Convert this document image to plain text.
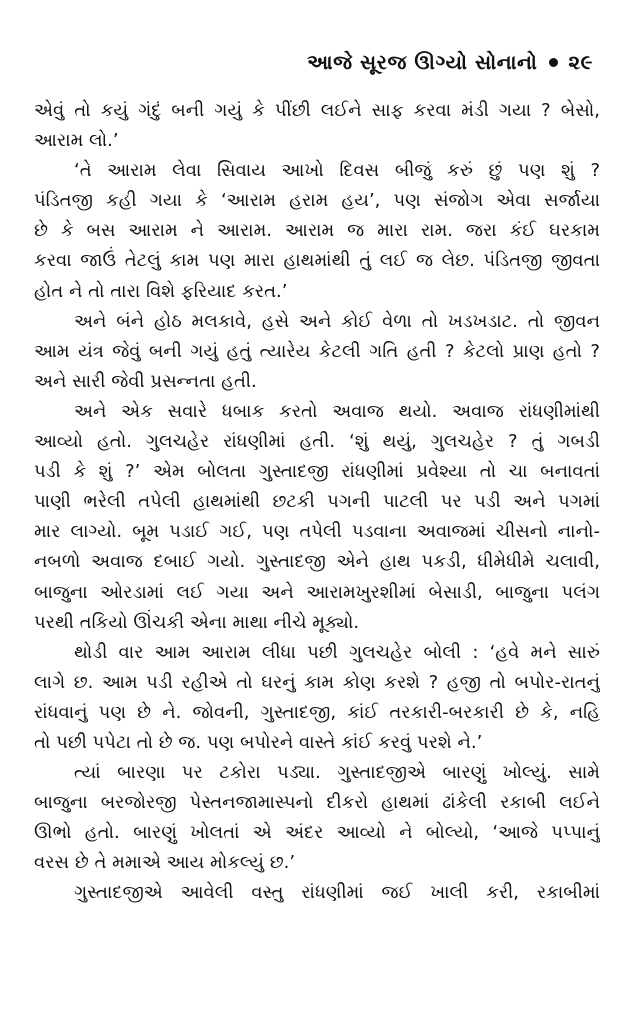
આજે સૂરજ ઊગ્યો સોનાનો ૨૯
એવું તો કયું ગંદું બની ગયું કે પીંછી લઈને સાફ કરવા મંડી ગયા ? બેસો,
આરામ લો.’
‘તે આરામ લેવા સિવાય આખો દિવસ બીજું કરું છું પણ શું ?
પંડિતજી કહી ગયા કે ‘આરામ હરામ હય’, પણ સંજોગ એવા સર્જાયા
છે કે બસ આરામ ને આરામ. આરામ જ મારા રામ. જરા કંઈ ઘરકામ
કરવા જાઉં તેટલું કામ પણ મારા હાથમાંથી તું લઈ જ લેછ. પંડિતજી જીવતા
હોત ને તો તારા વિશે ફરિયાદ કરત.’
અને બંને હોઠ મલકાવે, હસે અને કોઈ વેળા તો ખડખડાટ. તો જીવન
આમ યંત્ર જેવું બની ગયું હતું ત્યારેય કેટલી ગતિ હતી ? કેટલો પ્રાણ હતો ?
અને સારી જેવી પ્રસન્નતા હતી.
અને એક સવારે ધબાક કરતો અવાજ થયો. અવાજ રાંધણીમાંથી
આવ્યો હતો. ગુલચહેર રાંધણીમાં હતી. ‘શું થયું, ગુલચહેર ? તું ગબડી
પડી કે શું ?’ એમ બોલતા ગુસ્તાદજી રાંધણીમાં પ્રવેશ્યા તો ચા બનાવતાં
પાણી ભરેલી તપેલી હાથમાંથી છટકી પગની પાટલી પર પડી અને પગમાં
માર લાગ્યો. બૂમ પડાઈ ગઈ, પણ તપેલી પડવાના અવાજમાં ચીસનો નાનો-
નબળો અવાજ દબાઈ ગયો. ગુસ્તાદજી એને હાથ પકડી, ધીમેધીમે ચલાવી,
બાજુના ઓરડામાં લઈ ગયા અને આરામખુરશીમાં બેસાડી, બાજુના પલંગ
પરથી તકિયો ઊંચકી એના માથા નીચે મૂક્યો.
થોડી વાર આમ આરામ લીધા પછી ગુલચહેર બોલી : ‘હવે મને સારું
લાગે છ. આમ પડી રહીએ તો ઘરનું કામ કોણ કરશે ? હજી તો બપોર-રાતનું
રાંધવાનું પણ છે ને. જોવની, ગુસ્તાદજી, કાંઈ તરકારી-બરકારી છે કે, નહિ
તો પછી પપેટા તો છે જ. પણ બપોરને વાસ્તે કાંઈ કરવું પરશે ને.’
ત્યાં બારણા પર ટકોરા પડ્યા. ગુસ્તાદજીએ બારણું ખોલ્યું. સામે
બાજુના બરજોરજી પેસ્તનજામાસ્પનો દીકરો હાથમાં ઢાંકેલી રકાબી લઈને
ઊભો હતો. બારણું ખોલતાં એ અંદર આવ્યો ને બોલ્યો, ‘આજે પપ્પાનું
વરસ છે તે મમાએ આય મોકલ્યું છ.’
ગુસ્તાદજીએ આવેલી વસ્તુ રાંધણીમાં જઈ ખાલી કરી, રકાબીમાં
